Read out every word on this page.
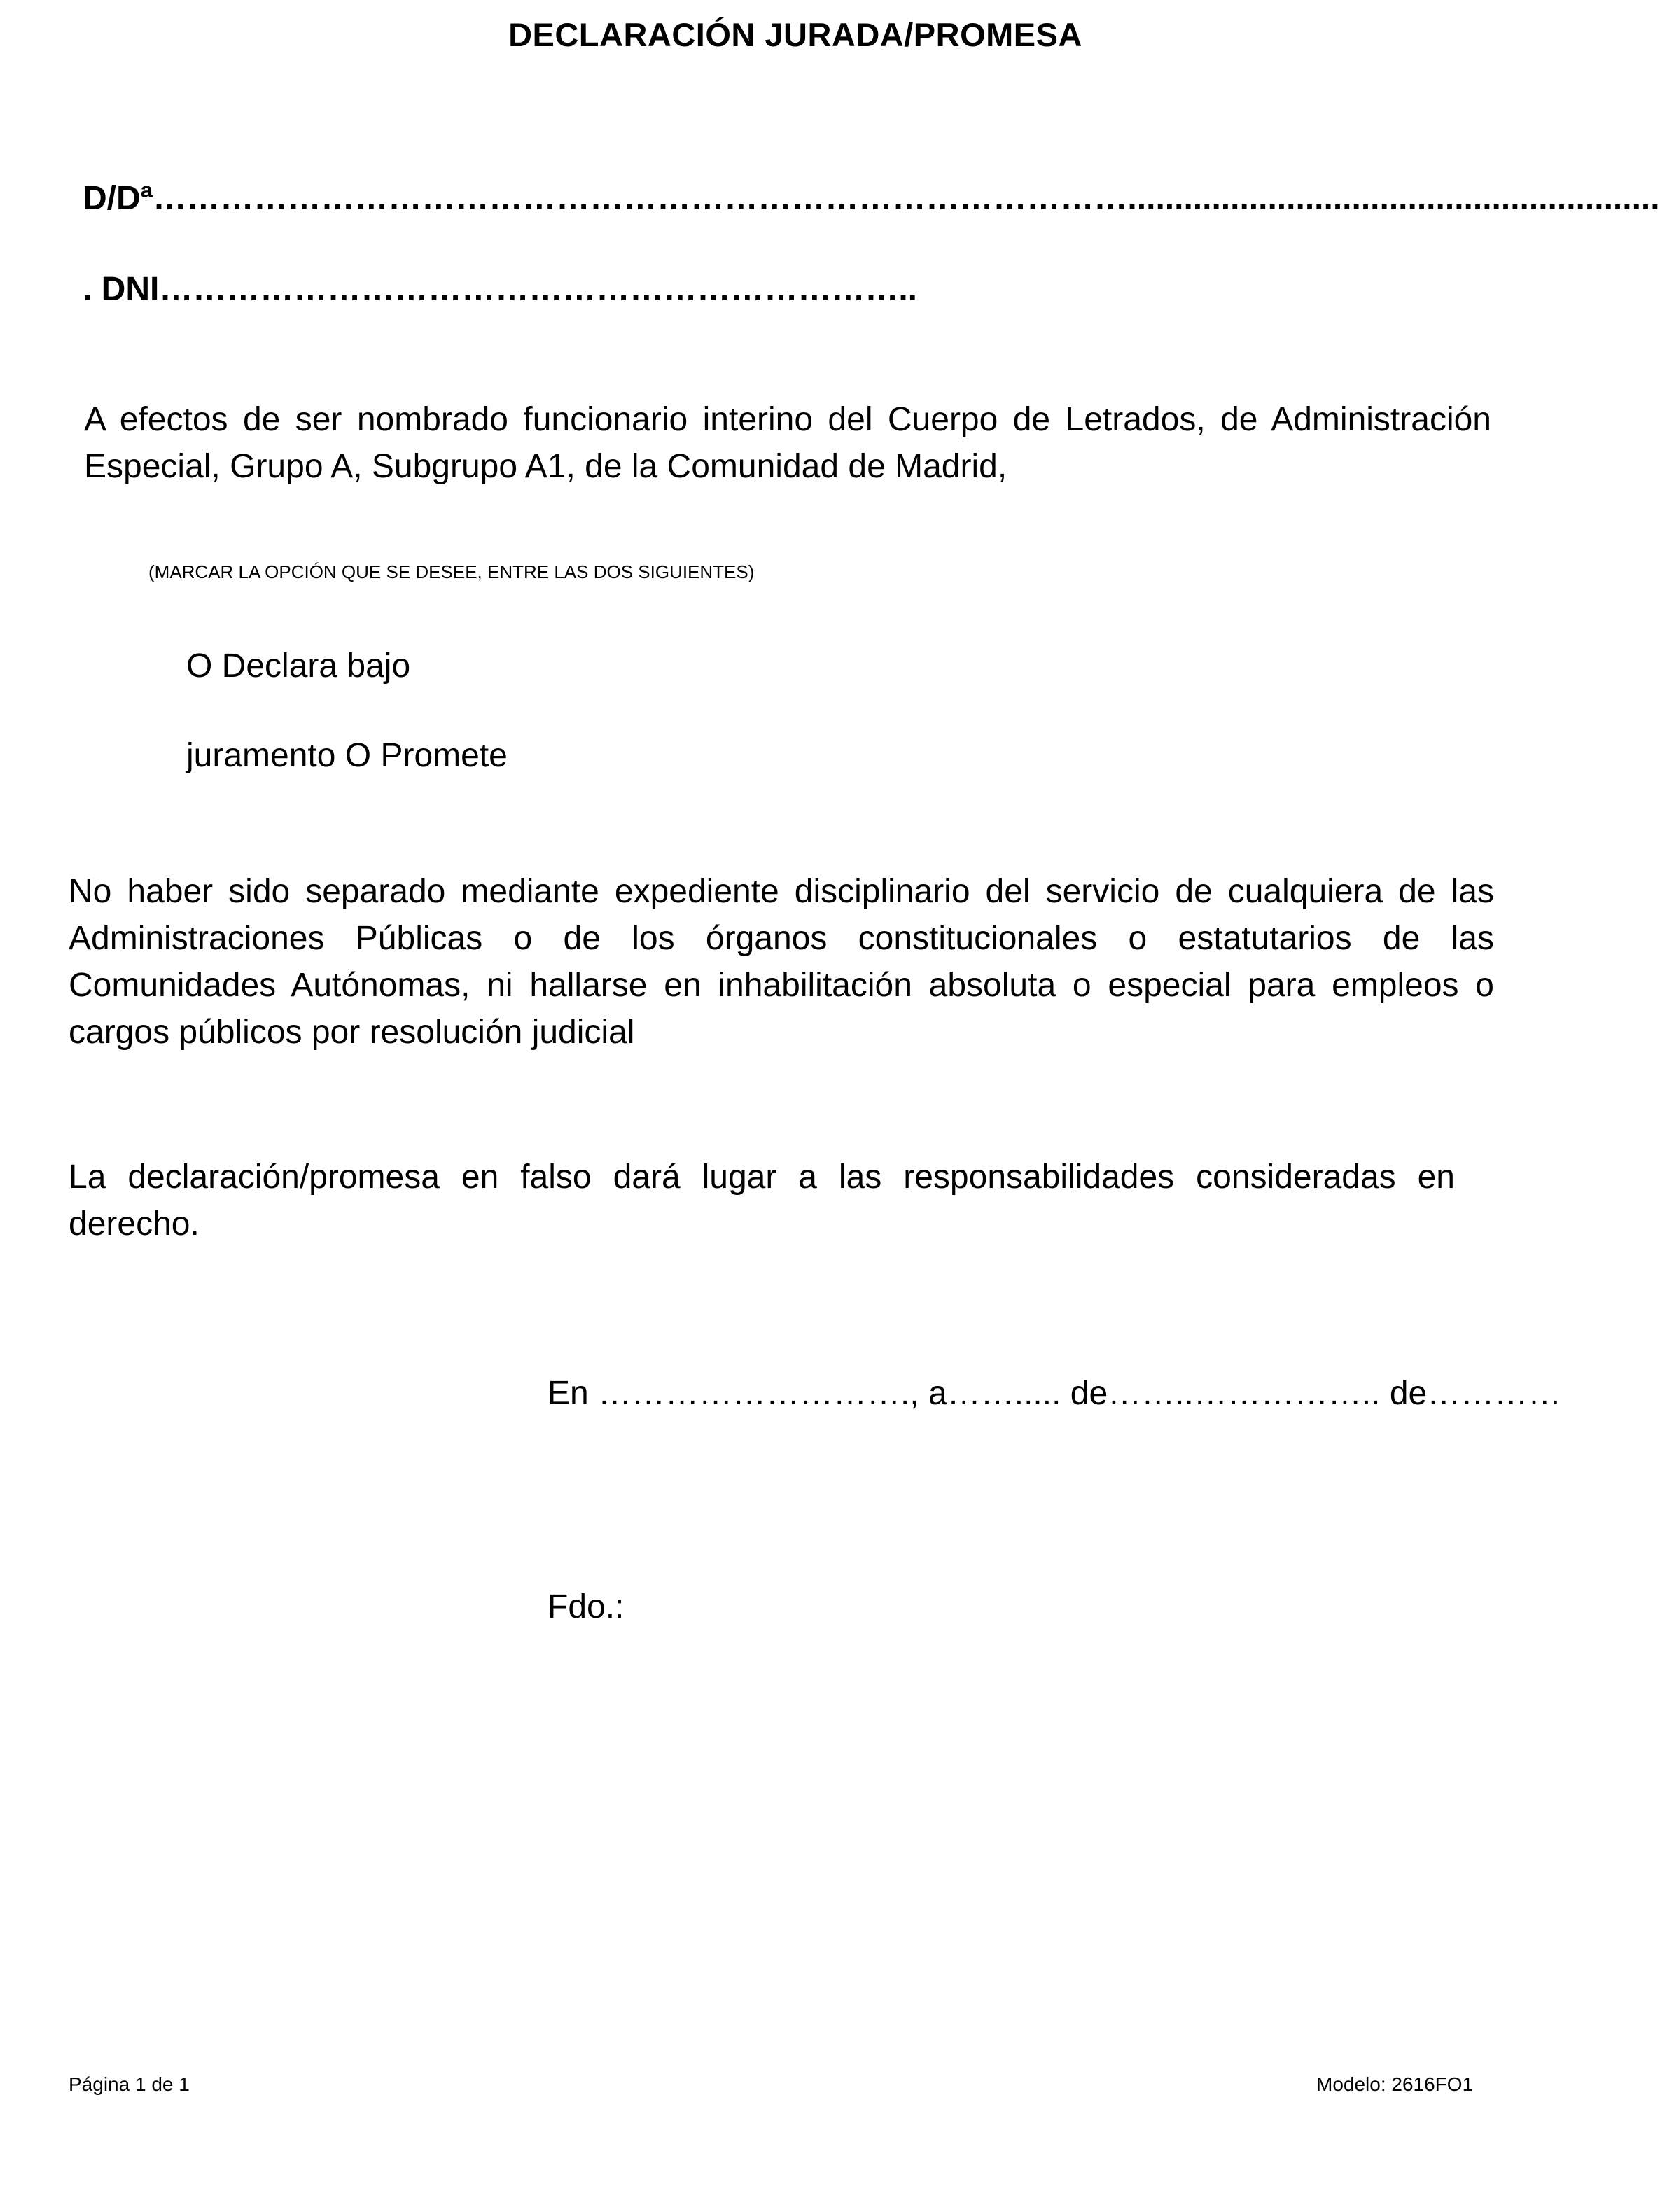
DECLARACIÓN JURADA/PROMESA
D/Dª…………………………………………………………………………….........................................................
. DNI…………………………………………………………..
A efectos de ser nombrado funcionario interino del Cuerpo de Letrados, de Administración
Especial, Grupo A, Subgrupo A1, de la Comunidad de Madrid,
(MARCAR LA OPCIÓN QUE SE DESEE, ENTRE LAS DOS SIGUIENTES)
O Declara bajo
juramento O Promete
No haber sido separado mediante expediente disciplinario del servicio de cualquiera de las
Administraciones Públicas o de los órganos constitucionales o estatutarios de las
Comunidades Autónomas, ni hallarse en inhabilitación absoluta o especial para empleos o
cargos públicos por resolución judicial
La declaración/promesa en falso dará lugar a las responsabilidades consideradas en
derecho.
En ………………………., a……..... de……..…………….. de…………
Fdo.:
Página 1 de 1	Modelo: 2616FO1
